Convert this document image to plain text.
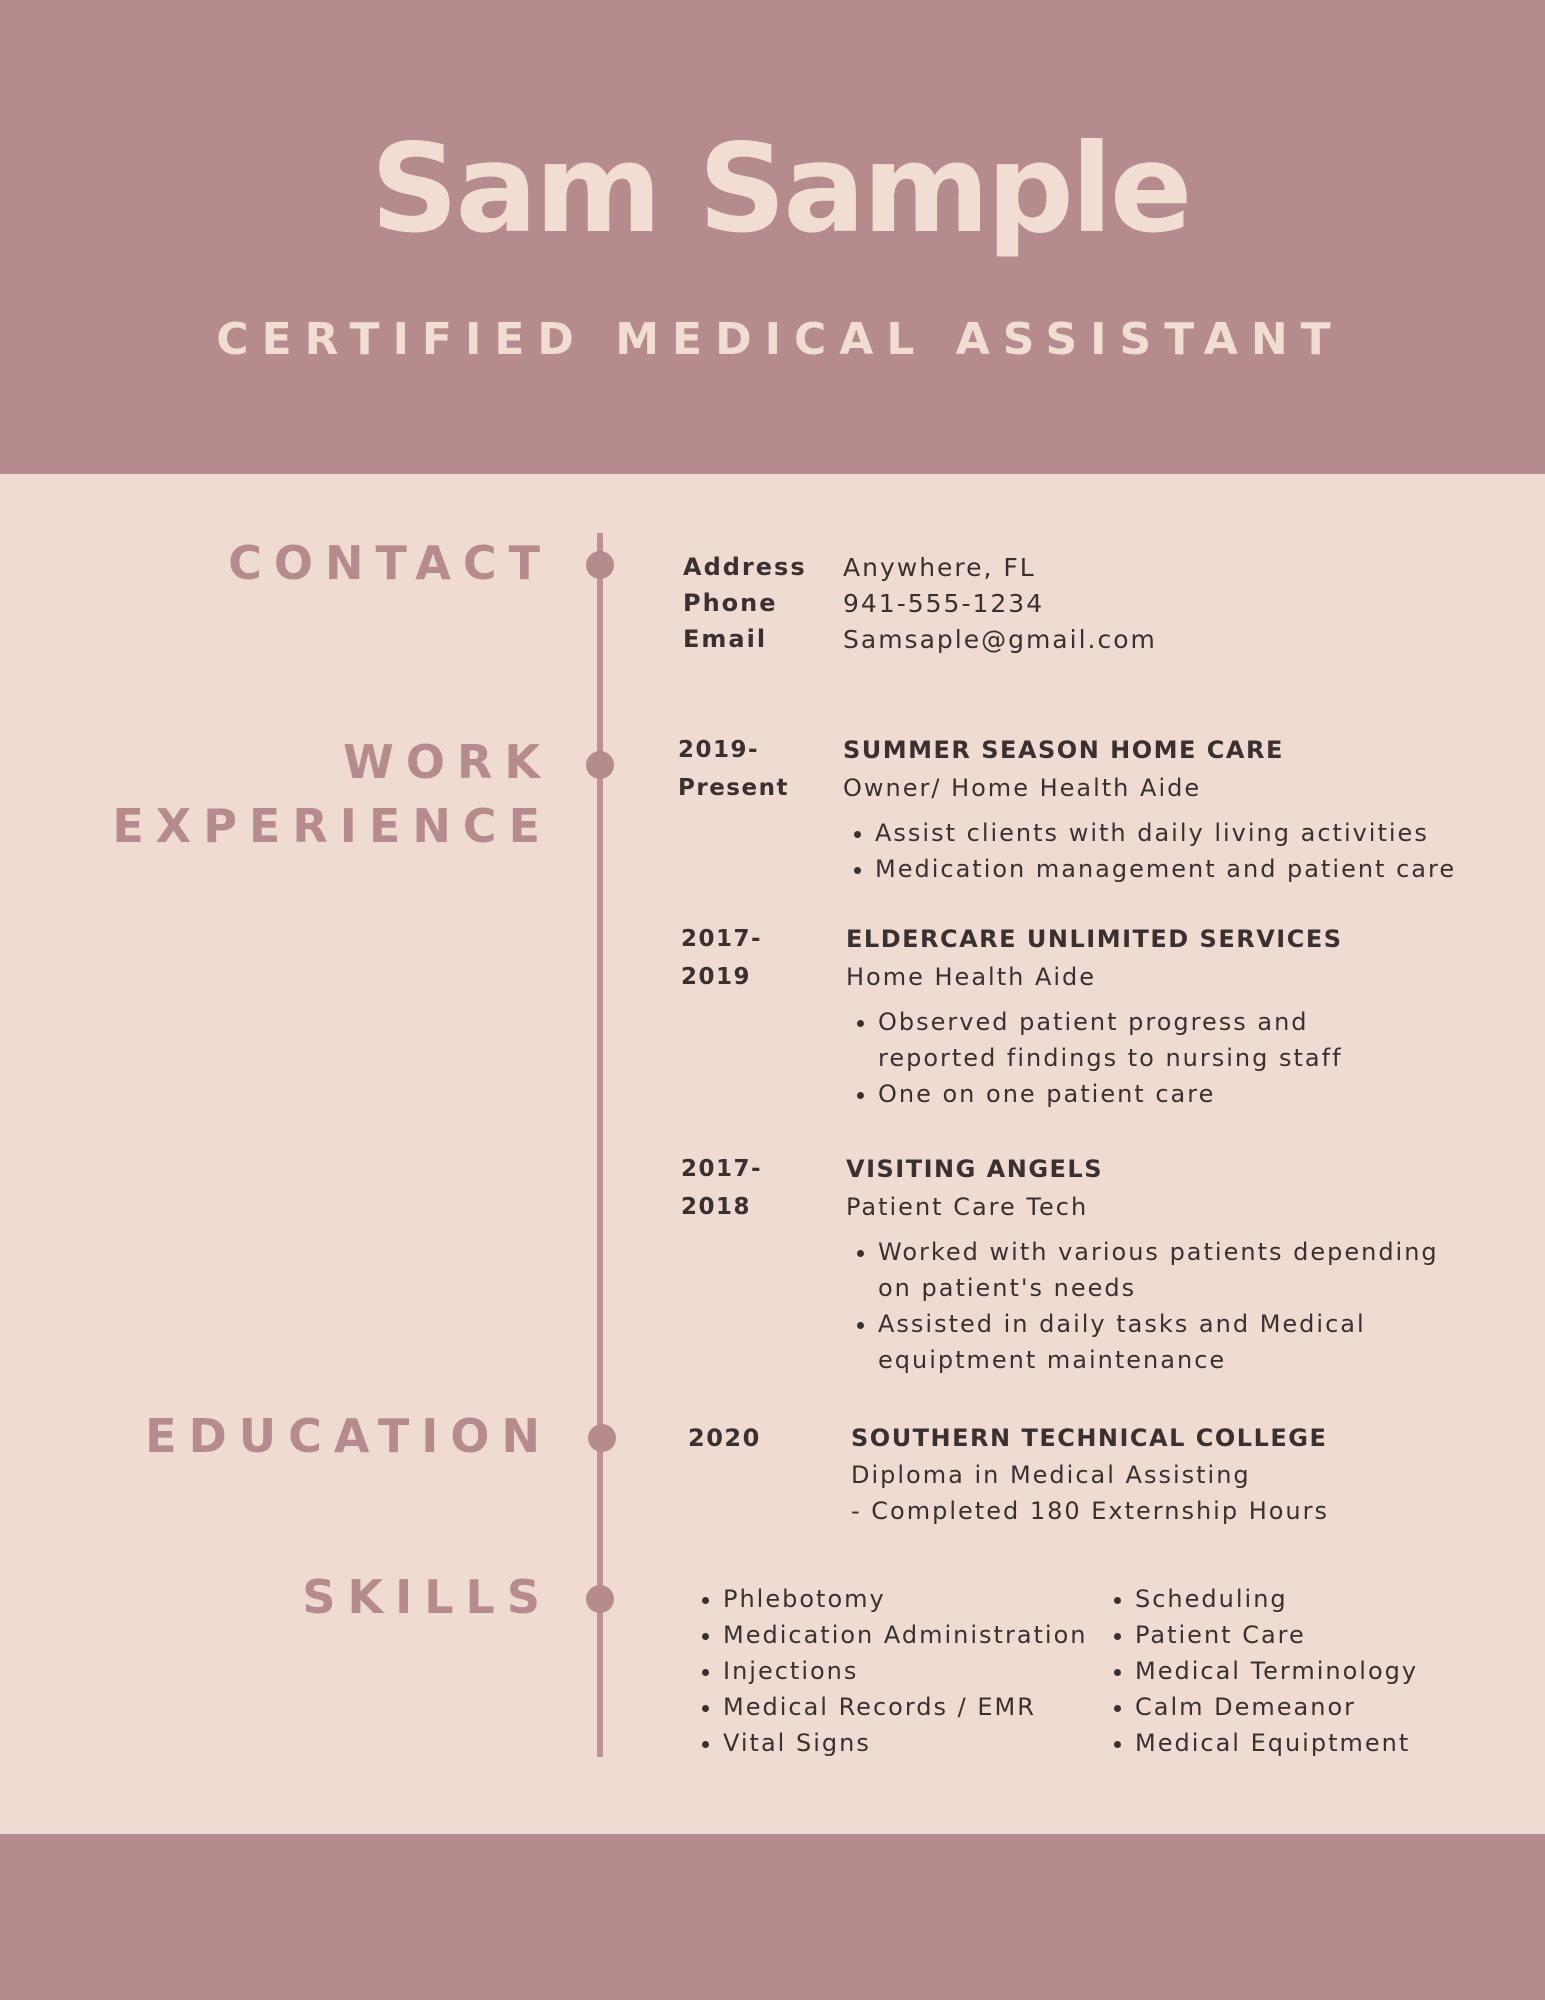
Sam Sample
CERTIFIED MEDICAL ASSISTANT
CONTACT
WORK
EXPERIENCE
EDUCATION
SKILLS
Address	Anywhere, FL
Phone	941-555-1234
Email	Samsaple@gmail.com
2019-
Present
SUMMER SEASON HOME CARE
Owner/ Home Health Aide
• Assist clients with daily living activities
• Medication management and patient care
2017-2019
ELDERCARE UNLIMITED SERVICES
Home Health Aide
• Observed patient progress and reported findings to nursing staff
• One on one patient care
2017-2018
VISITING ANGELS
Patient Care Tech
• Worked with various patients depending on patient's needs
• Assisted in daily tasks and Medical equiptment maintenance
2020	SOUTHERN TECHNICAL COLLEGE
Diploma in Medical Assisting
- Completed 180 Externship Hours
• Phlebotomy
• Medication Administration
• Injections
• Medical Records / EMR
• Vital Signs
• Scheduling
• Patient Care
• Medical Terminology
• Calm Demeanor
• Medical Equiptment
